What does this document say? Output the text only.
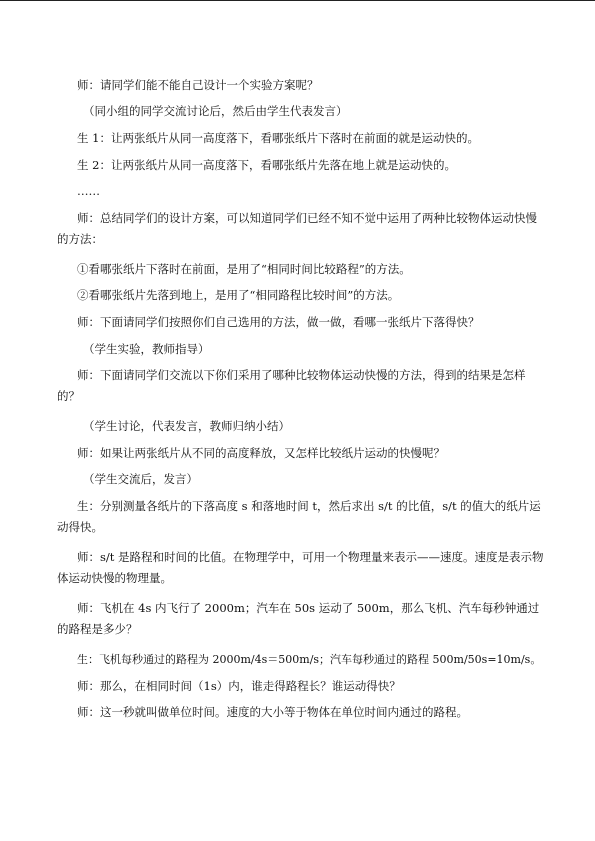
师：请同学们能不能自己设计一个实验方案呢？

（同小组的同学交流讨论后，然后由学生代表发言）

生 1：让两张纸片从同一高度落下，看哪张纸片下落时在前面的就是运动快的。

生 2：让两张纸片从同一高度落下，看哪张纸片先落在地上就是运动快的。

……

师：总结同学们的设计方案，可以知道同学们已经不知不觉中运用了两种比较物体运动快慢的方法：

①看哪张纸片下落时在前面，是用了“相同时间比较路程”的方法。

②看哪张纸片先落到地上，是用了“相同路程比较时间”的方法。

师：下面请同学们按照你们自己选用的方法，做一做，看哪一张纸片下落得快？

（学生实验，教师指导）

师：下面请同学们交流以下你们采用了哪种比较物体运动快慢的方法，得到的结果是怎样的？

（学生讨论，代表发言，教师归纳小结）

师：如果让两张纸片从不同的高度释放，又怎样比较纸片运动的快慢呢？

（学生交流后，发言）

生：分别测量各纸片的下落高度 s 和落地时间 t，然后求出 s/t 的比值，s/t 的值大的纸片运动得快。

师：s/t 是路程和时间的比值。在物理学中，可用一个物理量来表示——速度。速度是表示物体运动快慢的物理量。

师：飞机在 4s 内飞行了 2000m；汽车在 50s 运动了 500m，那么飞机、汽车每秒钟通过的路程是多少？

生：飞机每秒通过的路程为 2000m/4s＝500m/s；汽车每秒通过的路程 500m/50s=10m/s。

师：那么，在相同时间（1s）内，谁走得路程长？谁运动得快？

师：这一秒就叫做单位时间。速度的大小等于物体在单位时间内通过的路程。
